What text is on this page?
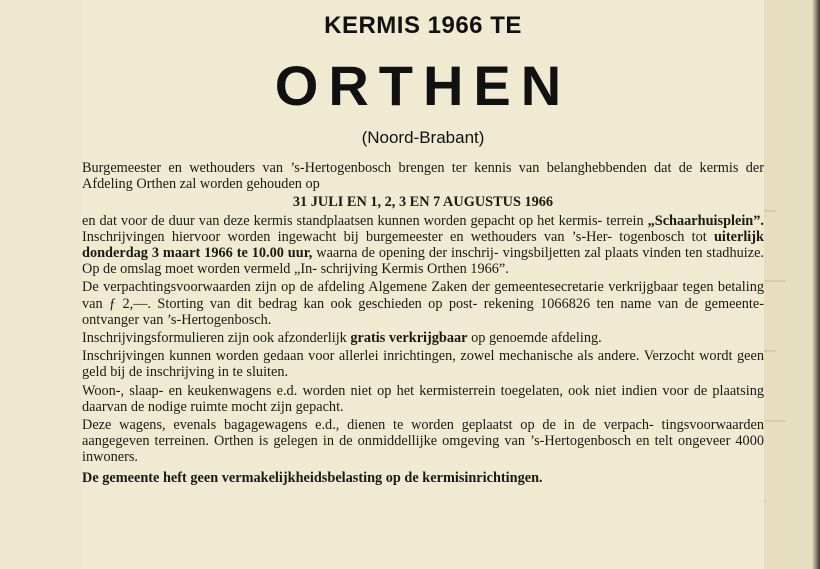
KERMIS 1966 TE
ORTHEN
(Noord-Brabant)

Burgemeester en wethouders van ’s-Hertogenbosch brengen ter kennis van belanghebbenden dat de kermis der Afdeling Orthen zal worden gehouden op

31 JULI EN 1, 2, 3 EN 7 AUGUSTUS 1966

en dat voor de duur van deze kermis standplaatsen kunnen worden gepacht op het kermis- terrein „Schaarhuisplein”. Inschrijvingen hiervoor worden ingewacht bij burgemeester en wethouders van ’s-Her- togenbosch tot uiterlijk donderdag 3 maart 1966 te 10.00 uur, waarna de opening der inschrij- vingsbiljetten zal plaats vinden ten stadhuize. Op de omslag moet worden vermeld „In- schrijving Kermis Orthen 1966”.

De verpachtingsvoorwaarden zijn op de afdeling Algemene Zaken der gemeentesecretarie verkrijgbaar tegen betaling van ƒ 2,—. Storting van dit bedrag kan ook geschieden op post- rekening 1066826 ten name van de gemeente-ontvanger van ’s-Hertogenbosch.

Inschrijvingsformulieren zijn ook afzonderlijk gratis verkrijgbaar op genoemde afdeling.

Inschrijvingen kunnen worden gedaan voor allerlei inrichtingen, zowel mechanische als andere. Verzocht wordt geen geld bij de inschrijving in te sluiten.

Woon-, slaap- en keukenwagens e.d. worden niet op het kermisterrein toegelaten, ook niet indien voor de plaatsing daarvan de nodige ruimte mocht zijn gepacht.

Deze wagens, evenals bagagewagens e.d., dienen te worden geplaatst op de in de verpach- tingsvoorwaarden aangegeven terreinen. Orthen is gelegen in de onmiddellijke omgeving van ’s-Hertogenbosch en telt ongeveer 4000 inwoners.

De gemeente heft geen vermakelijkheidsbelasting op de kermisinrichtingen.
